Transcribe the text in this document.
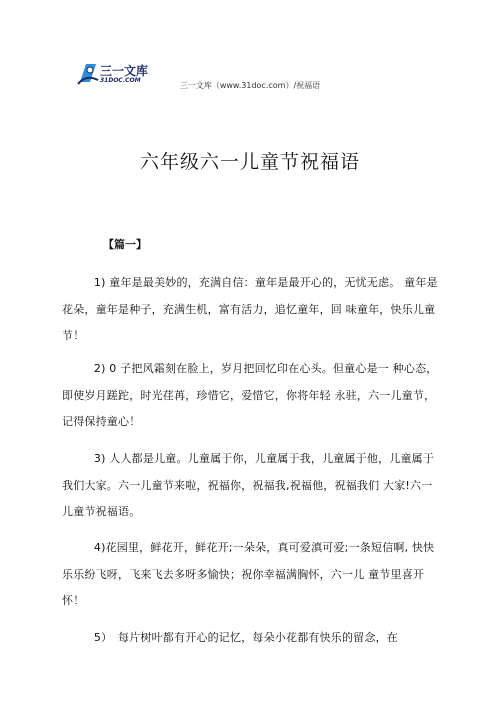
三一文库
31DOC.COM
三一文库（www.31doc.com）/祝福语
六年级六一儿童节祝福语
【篇一】
1) 童年是最美妙的，充满自信：童年是最开心的，无忧无虑。 童年是花朵，童年是种子，充满生机，富有活力，追忆童年，回 味童年，快乐儿童节！
2) 0 子把风霜刻在脸上，岁月把回忆印在心头。但童心是一 种心态，即使岁月蹉跎，时光荏苒，珍惜它，爱惜它，你将年轻 永驻，六一儿童节，记得保持童心！
3) 人人都是儿童。儿童属于你，儿童属于我，儿童属于他，儿童属于我们大家。六一儿童节来啦，祝福你，祝福我,祝福他，祝福我们 大家!六一儿童节祝福语。
4)花园里，鲜花开，鲜花开;一朵朵，真可爱滇可爱;一条短信啊, 快快乐乐纷飞呀，飞来飞去多呀多愉快；祝你幸福满胸怀，六一儿 童节里喜开怀！
5）　每片树叶都有开心的记忆，每朵小花都有快乐的留念，在
